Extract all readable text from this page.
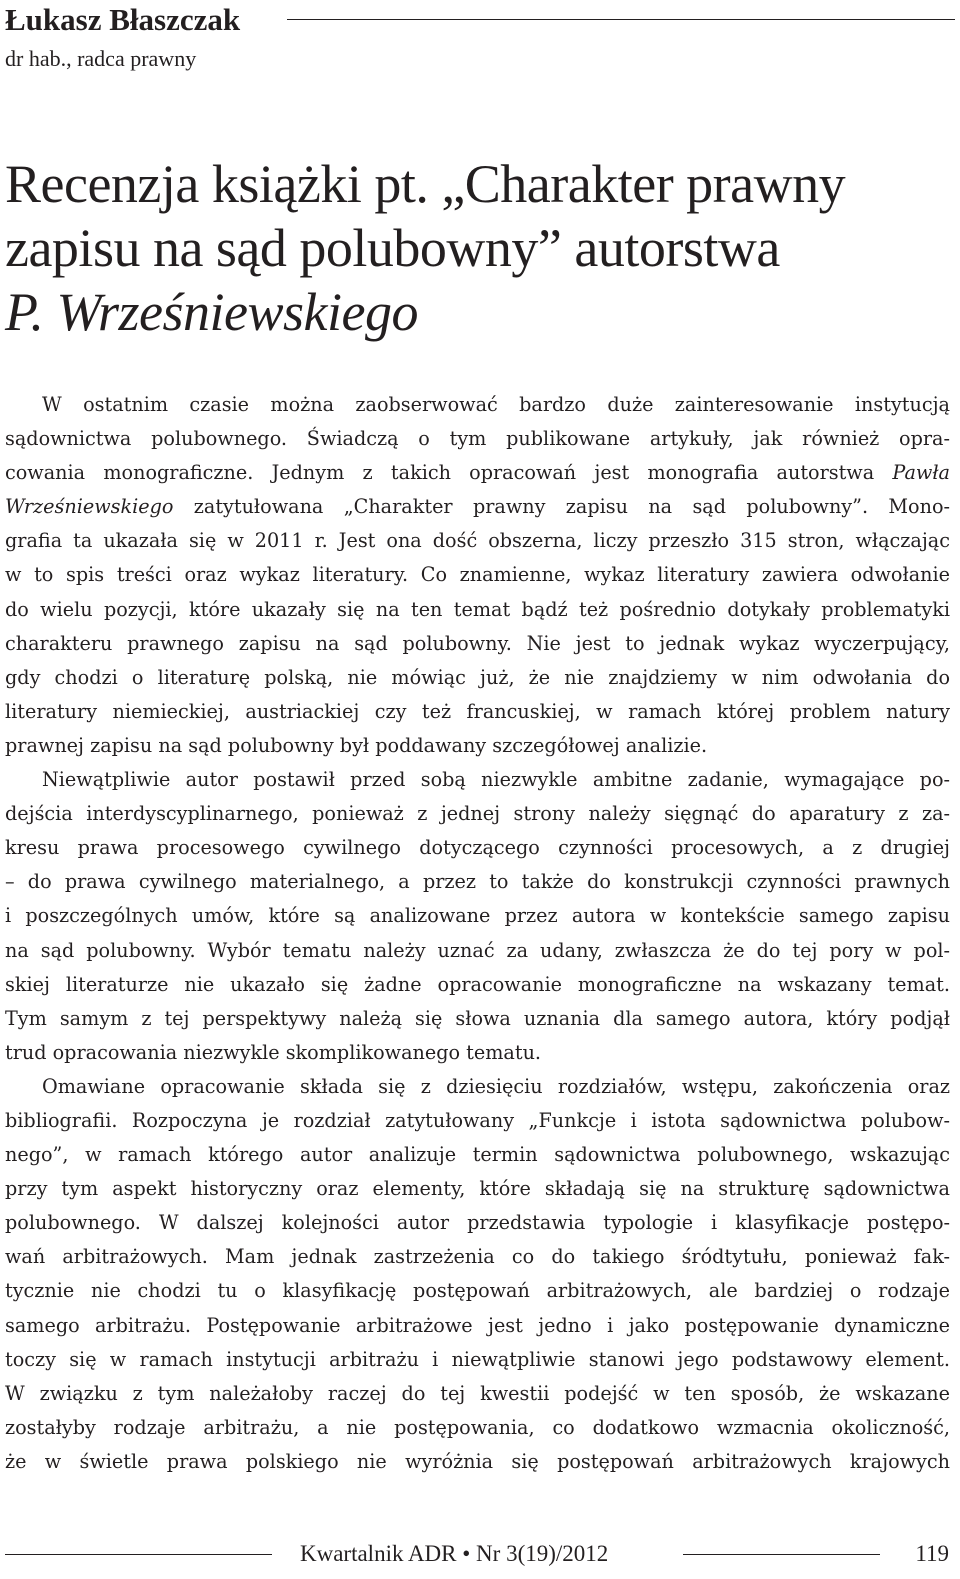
Łukasz Błaszczak
dr hab., radca prawny
Recenzja książki pt. „Charakter prawny
zapisu na sąd polubowny” autorstwa
P. Wrześniewskiego
W ostatnim czasie można zaobserwować bardzo duże zainteresowanie instytucją
sądownictwa polubownego. Świadczą o tym publikowane artykuły, jak również opra-
cowania monograficzne. Jednym z takich opracowań jest monografia autorstwa Pawła
Wrześniewskiego zatytułowana „Charakter prawny zapisu na sąd polubowny”. Mono-
grafia ta ukazała się w 2011 r. Jest ona dość obszerna, liczy przeszło 315 stron, włączając
w to spis treści oraz wykaz literatury. Co znamienne, wykaz literatury zawiera odwołanie
do wielu pozycji, które ukazały się na ten temat bądź też pośrednio dotykały problematyki
charakteru prawnego zapisu na sąd polubowny. Nie jest to jednak wykaz wyczerpujący,
gdy chodzi o literaturę polską, nie mówiąc już, że nie znajdziemy w nim odwołania do
literatury niemieckiej, austriackiej czy też francuskiej, w ramach której problem natury
prawnej zapisu na sąd polubowny był poddawany szczegółowej analizie.
Niewątpliwie autor postawił przed sobą niezwykle ambitne zadanie, wymagające po-
dejścia interdyscyplinarnego, ponieważ z jednej strony należy sięgnąć do aparatury z za-
kresu prawa procesowego cywilnego dotyczącego czynności procesowych, a z drugiej
– do prawa cywilnego materialnego, a przez to także do konstrukcji czynności prawnych
i poszczególnych umów, które są analizowane przez autora w kontekście samego zapisu
na sąd polubowny. Wybór tematu należy uznać za udany, zwłaszcza że do tej pory w pol-
skiej literaturze nie ukazało się żadne opracowanie monograficzne na wskazany temat.
Tym samym z tej perspektywy należą się słowa uznania dla samego autora, który podjął
trud opracowania niezwykle skomplikowanego tematu.
Omawiane opracowanie składa się z dziesięciu rozdziałów, wstępu, zakończenia oraz
bibliografii. Rozpoczyna je rozdział zatytułowany „Funkcje i istota sądownictwa polubow-
nego”, w ramach którego autor analizuje termin sądownictwa polubownego, wskazując
przy tym aspekt historyczny oraz elementy, które składają się na strukturę sądownictwa
polubownego. W dalszej kolejności autor przedstawia typologie i klasyfikacje postępo-
wań arbitrażowych. Mam jednak zastrzeżenia co do takiego śródtytułu, ponieważ fak-
tycznie nie chodzi tu o klasyfikację postępowań arbitrażowych, ale bardziej o rodzaje
samego arbitrażu. Postępowanie arbitrażowe jest jedno i jako postępowanie dynamiczne
toczy się w ramach instytucji arbitrażu i niewątpliwie stanowi jego podstawowy element.
W związku z tym należałoby raczej do tej kwestii podejść w ten sposób, że wskazane
zostałyby rodzaje arbitrażu, a nie postępowania, co dodatkowo wzmacnia okoliczność,
że w świetle prawa polskiego nie wyróżnia się postępowań arbitrażowych krajowych
Kwartalnik ADR • Nr 3(19)/2012	119
